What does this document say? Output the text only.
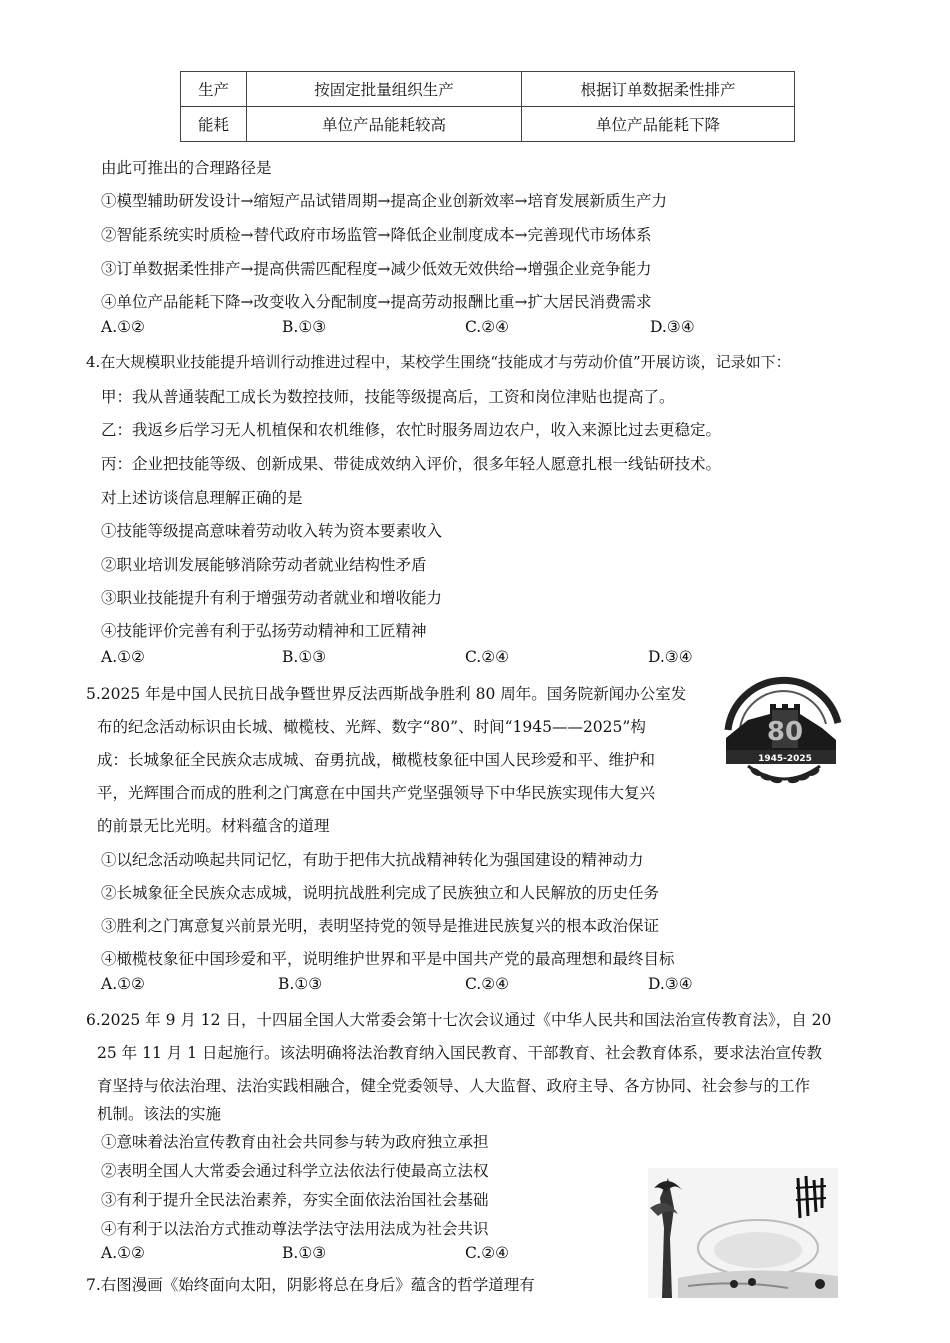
生产	按固定批量组织生产	根据订单数据柔性排产
能耗	单位产品能耗较高	单位产品能耗下降
由此可推出的合理路径是
①模型辅助研发设计→缩短产品试错周期→提高企业创新效率→培育发展新质生产力
②智能系统实时质检→替代政府市场监管→降低企业制度成本→完善现代市场体系
③订单数据柔性排产→提高供需匹配程度→减少低效无效供给→增强企业竞争能力
④单位产品能耗下降→改变收入分配制度→提高劳动报酬比重→扩大居民消费需求
A.①②	B.①③	C.②④	D.③④
4.在大规模职业技能提升培训行动推进过程中，某校学生围绕“技能成才与劳动价值”开展访谈，记录如下：
甲：我从普通装配工成长为数控技师，技能等级提高后，工资和岗位津贴也提高了。
乙：我返乡后学习无人机植保和农机维修，农忙时服务周边农户，收入来源比过去更稳定。
丙：企业把技能等级、创新成果、带徒成效纳入评价，很多年轻人愿意扎根一线钻研技术。
对上述访谈信息理解正确的是
①技能等级提高意味着劳动收入转为资本要素收入
②职业培训发展能够消除劳动者就业结构性矛盾
③职业技能提升有利于增强劳动者就业和增收能力
④技能评价完善有利于弘扬劳动精神和工匠精神
A.①②	B.①③	C.②④	D.③④
5.2025 年是中国人民抗日战争暨世界反法西斯战争胜利 80 周年。国务院新闻办公室发
布的纪念活动标识由长城、橄榄枝、光辉、数字“80”、时间“1945——2025”构
成：长城象征全民族众志成城、奋勇抗战，橄榄枝象征中国人民珍爱和平、维护和
平，光辉围合而成的胜利之门寓意在中国共产党坚强领导下中华民族实现伟大复兴
的前景无比光明。材料蕴含的道理
①以纪念活动唤起共同记忆，有助于把伟大抗战精神转化为强国建设的精神动力
②长城象征全民族众志成城，说明抗战胜利完成了民族独立和人民解放的历史任务
③胜利之门寓意复兴前景光明，表明坚持党的领导是推进民族复兴的根本政治保证
④橄榄枝象征中国珍爱和平，说明维护世界和平是中国共产党的最高理想和最终目标
A.①②	B.①③	C.②④	D.③④
80
1945-2025
6.2025 年 9 月 12 日，十四届全国人大常委会第十七次会议通过《中华人民共和国法治宣传教育法》，自 20
25 年 11 月 1 日起施行。该法明确将法治教育纳入国民教育、干部教育、社会教育体系，要求法治宣传教
育坚持与依法治理、法治实践相融合，健全党委领导、人大监督、政府主导、各方协同、社会参与的工作
机制。该法的实施
①意味着法治宣传教育由社会共同参与转为政府独立承担
②表明全国人大常委会通过科学立法依法行使最高立法权
③有利于提升全民法治素养，夯实全面依法治国社会基础
④有利于以法治方式推动尊法学法守法用法成为社会共识
A.①②	B.①③	C.②④
7.右图漫画《始终面向太阳，阴影将总在身后》蕴含的哲学道理有
